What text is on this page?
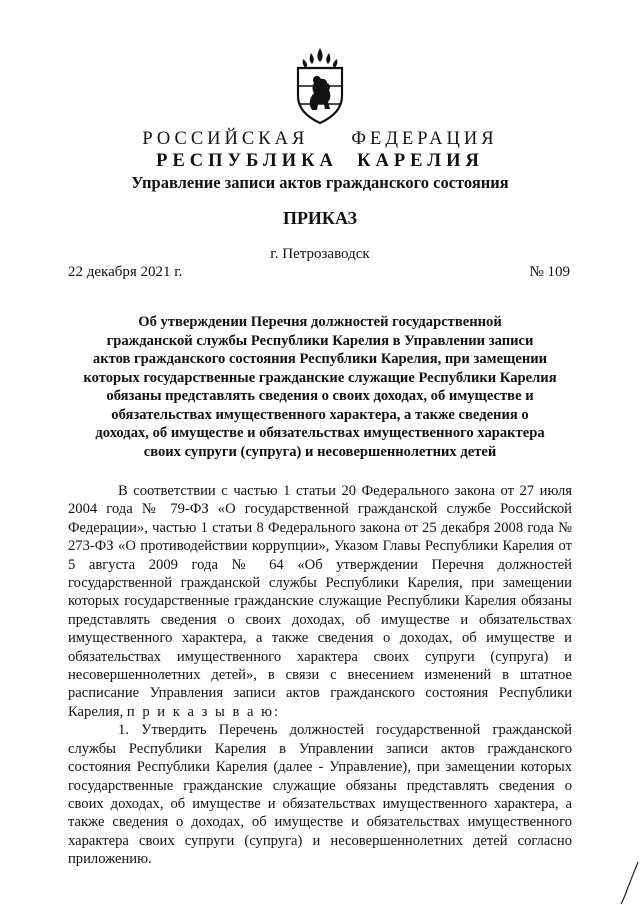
РОССИЙСКАЯ     ФЕДЕРАЦИЯ
РЕСПУБЛИКА  КАРЕЛИЯ
Управление записи актов гражданского состояния
ПРИКАЗ
г. Петрозаводск
22 декабря 2021 г.	№ 109
Об утверждении Перечня должностей государственной
гражданской службы Республики Карелия в Управлении записи
актов гражданского состояния Республики Карелия, при замещении
которых государственные гражданские служащие Республики Карелия
обязаны представлять сведения о своих доходах, об имуществе и
обязательствах имущественного характера, а также сведения о
доходах, об имуществе и обязательствах имущественного характера
своих супруги (супруга) и несовершеннолетних детей

В соответствии с частью 1 статьи 20 Федерального закона от 27 июля 2004 года № 79-ФЗ «О государственной гражданской службе Российской Федерации», частью 1 статьи 8 Федерального закона от 25 декабря 2008 года № 273-ФЗ «О противодействии коррупции», Указом Главы Республики Карелия от 5 августа 2009 года № 64 «Об утверждении Перечня должностей государственной гражданской службы Республики Карелия, при замещении которых государственные гражданские служащие Республики Карелия обязаны представлять сведения о своих доходах, об имуществе и обязательствах имущественного характера, а также сведения о доходах, об имуществе и обязательствах имущественного характера своих супруги (супруга) и несовершеннолетних детей», в связи с внесением изменений в штатное расписание Управления записи актов гражданского состояния Республики Карелия, п р и к а з ы в а ю:

1. Утвердить Перечень должностей государственной гражданской службы Республики Карелия в Управлении записи актов гражданского состояния Республики Карелия (далее - Управление), при замещении которых государственные гражданские служащие обязаны представлять сведения о своих доходах, об имуществе и обязательствах имущественного характера, а также сведения о доходах, об имуществе и обязательствах имущественного характера своих супруги (супруга) и несовершеннолетних детей согласно приложению.
